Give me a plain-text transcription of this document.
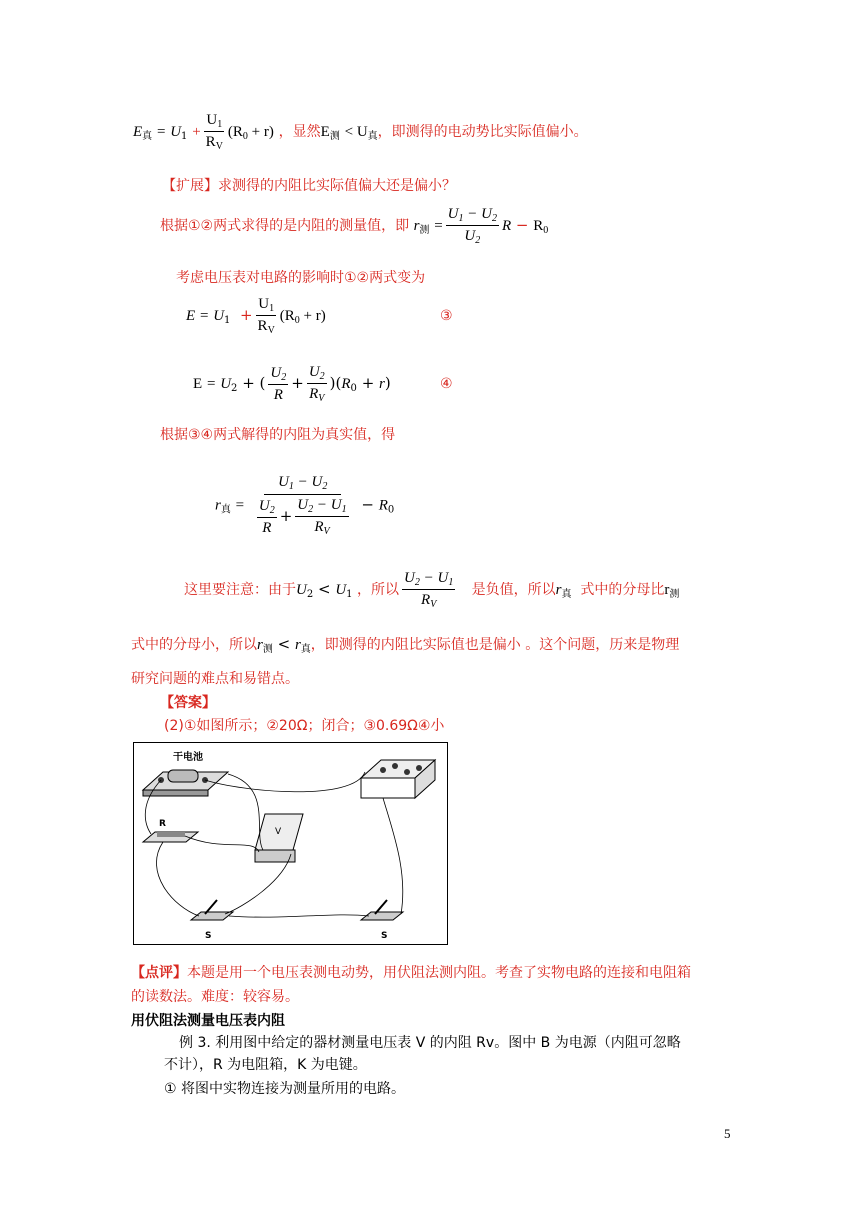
$E_真 = U_1 + \frac{U_1}{R_V} (R_0 + r)$ ，显然$E_测 < U_真$，即测得的电动势比实际值偏小。
【扩展】求测得的内阻比实际值偏大还是偏小？
根据①②两式求得的是内阻的测量值，即 $r_测 = \frac{U_1 - U_2}{U_2}$ $R - R_0$
考虑电压表对电路的影响时①②两式变为
$E = U_1 + \frac{U_1}{R_V} (R_0 + r)$	③
$E = U_2$ + ( $\frac{U_2}{R} + \frac{U_2}{R_V} )(R_0 + r)$	④
根据③④两式解得的内阻为真实值，得
$r_真 = \frac{U_1 - U_2}{\frac{U_2}{R} + \frac{U_2 - U_1}{R_V}} - R_0$
这里要注意：由于$U_2 < U_1$ ，所以 $\frac{U_2 - U_1}{R_V}$ 是负值，所以$r_真$ 式中的分母比$r_测$
式中的分母小，所以$r_测 < r_真$，即测得的内阻比实际值也是偏小 。这个问题，历来是物理
研究问题的难点和易错点。
【答案】
(2)①如图所示；②20Ω；闭合；③0.69Ω④小
干电池
R
V
S	S
【点评】本题是用一个电压表测电动势，用伏阻法测内阻。考查了实物电路的连接和电阻箱
的读数法。难度：较容易。
用伏阻法测量电压表内阻
例 3. 利用图中给定的器材测量电压表 V 的内阻 Rv。图中 B 为电源（内阻可忽略
不计），R 为电阻箱，K 为电键。
① 将图中实物连接为测量所用的电路。
5
